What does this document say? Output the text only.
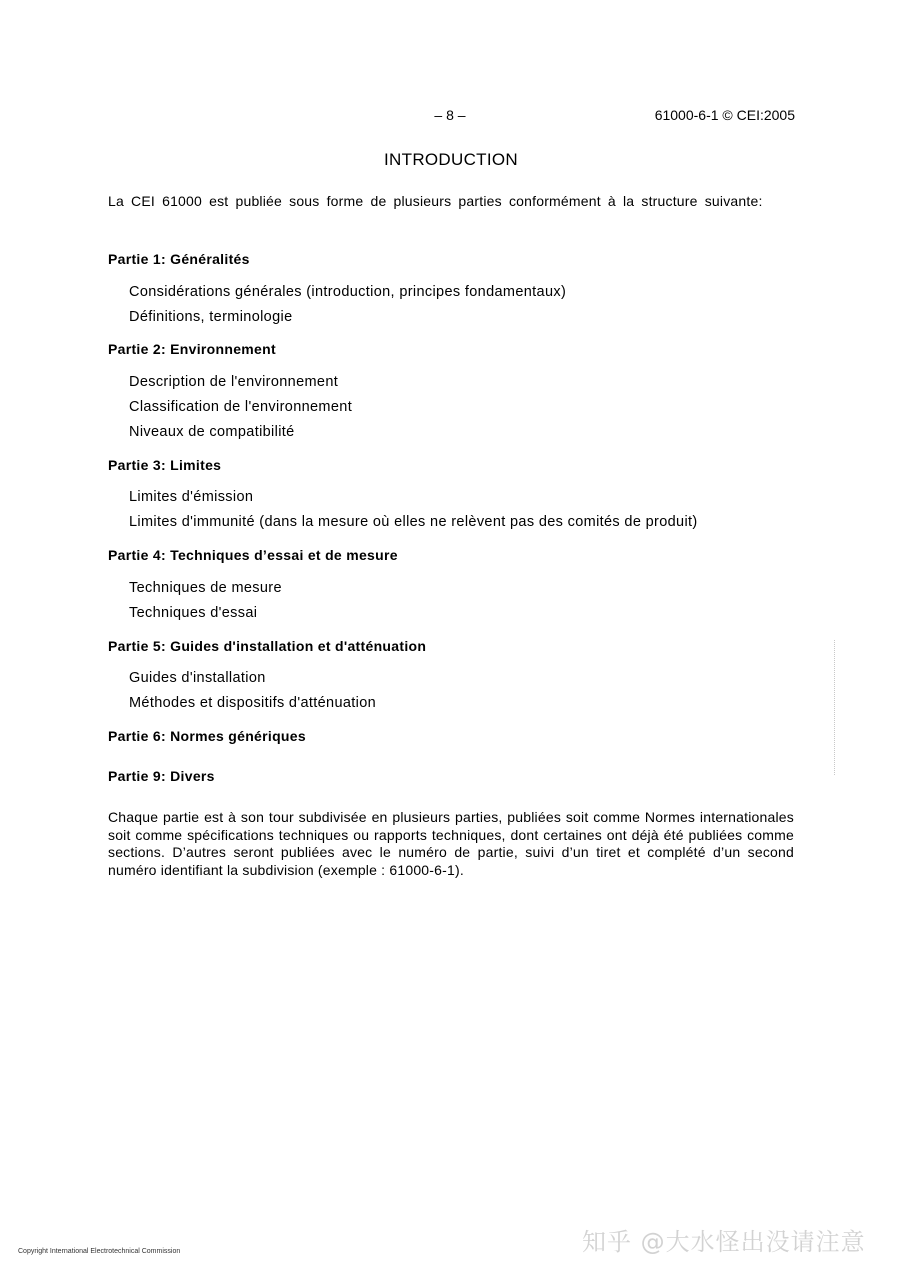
– 8 –	61000-6-1 © CEI:2005
INTRODUCTION
La CEI 61000 est publiée sous forme de plusieurs parties conformément à la structure suivante:
Partie 1: Généralités
Considérations générales (introduction, principes fondamentaux)
Définitions, terminologie
Partie 2: Environnement
Description de l'environnement
Classification de l'environnement
Niveaux de compatibilité
Partie 3: Limites
Limites d'émission
Limites d'immunité (dans la mesure où elles ne relèvent pas des comités de produit)
Partie 4: Techniques d’essai et de mesure
Techniques de mesure
Techniques d'essai
Partie 5: Guides d'installation et d'atténuation
Guides d'installation
Méthodes et dispositifs d'atténuation
Partie 6: Normes génériques
Partie 9: Divers
Chaque partie est à son tour subdivisée en plusieurs parties, publiées soit comme Normes internationales soit comme spécifications techniques ou rapports techniques, dont certaines ont déjà été publiées comme sections. D’autres seront publiées avec le numéro de partie, suivi d’un tiret et complété d’un second numéro identifiant la subdivision (exemple : 61000-6-1).
Copyright International Electrotechnical Commission	知乎 @大水怪出没请注意
